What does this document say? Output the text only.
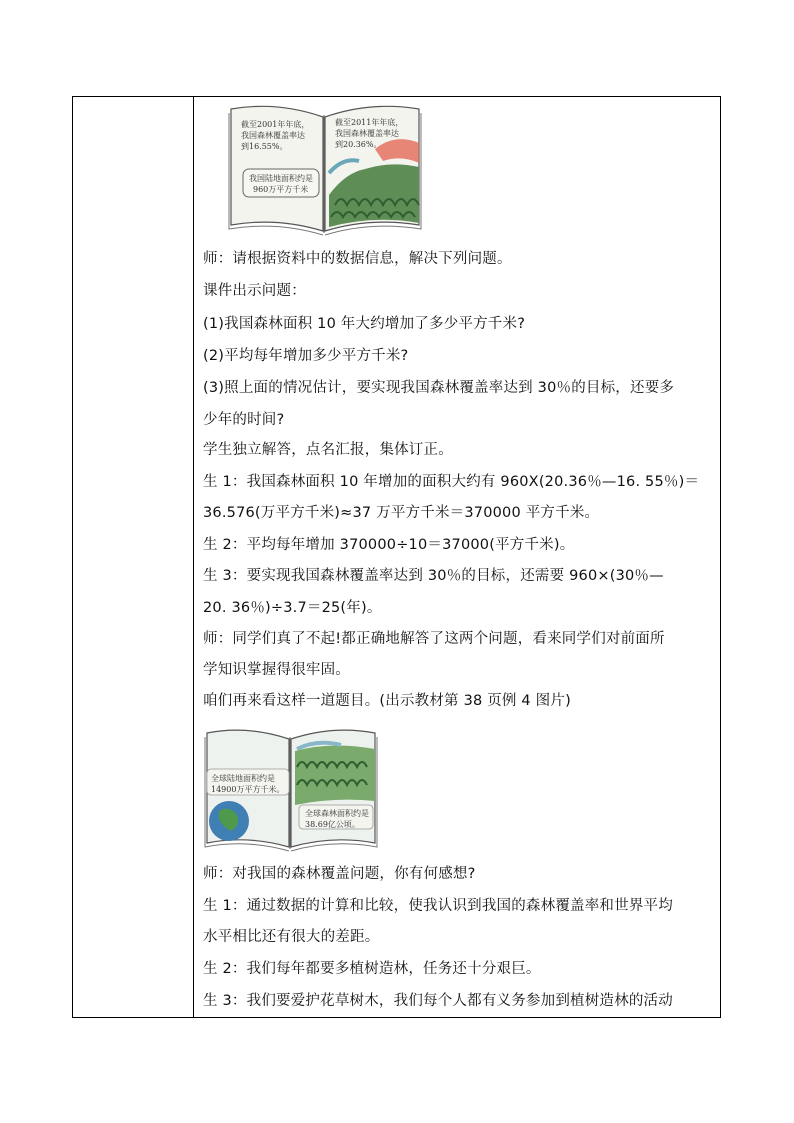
截至2001年年底，
我国森林覆盖率达
到16.55%。
我国陆地面积约是
960万平方千米
截至2011年年底，
我国森林覆盖率达
到20.36%。
师：请根据资料中的数据信息，解决下列问题。
课件出示问题：
(1)我国森林面积 10 年大约增加了多少平方千米?
(2)平均每年增加多少平方千米?
(3)照上面的情况估计，要实现我国森林覆盖率达到 30％的目标，还要多
少年的时间?
学生独立解答，点名汇报，集体订正。
生 1：我国森林面积 10 年增加的面积大约有 960X(20.36％—16. 55％)＝
36.576(万平方千米)≈37 万平方千米＝370000 平方千米。
生 2：平均每年增加 370000÷10＝37000(平方千米)。
生 3：要实现我国森林覆盖率达到 30％的目标，还需要 960×(30％—
20. 36％)÷3.7＝25(年)。
师：同学们真了不起!都正确地解答了这两个问题，看来同学们对前面所
学知识掌握得很牢固。
咱们再来看这样一道题目。(出示教材第 38 页例 4 图片)
全球陆地面积约是
14900万平方千米。
全球森林面积约是
38.69亿公顷。
师：对我国的森林覆盖问题，你有何感想?
生 1：通过数据的计算和比较，使我认识到我国的森林覆盖率和世界平均
水平相比还有很大的差距。
生 2：我们每年都要多植树造林，任务还十分艰巨。
生 3：我们要爱护花草树木，我们每个人都有义务参加到植树造林的活动
